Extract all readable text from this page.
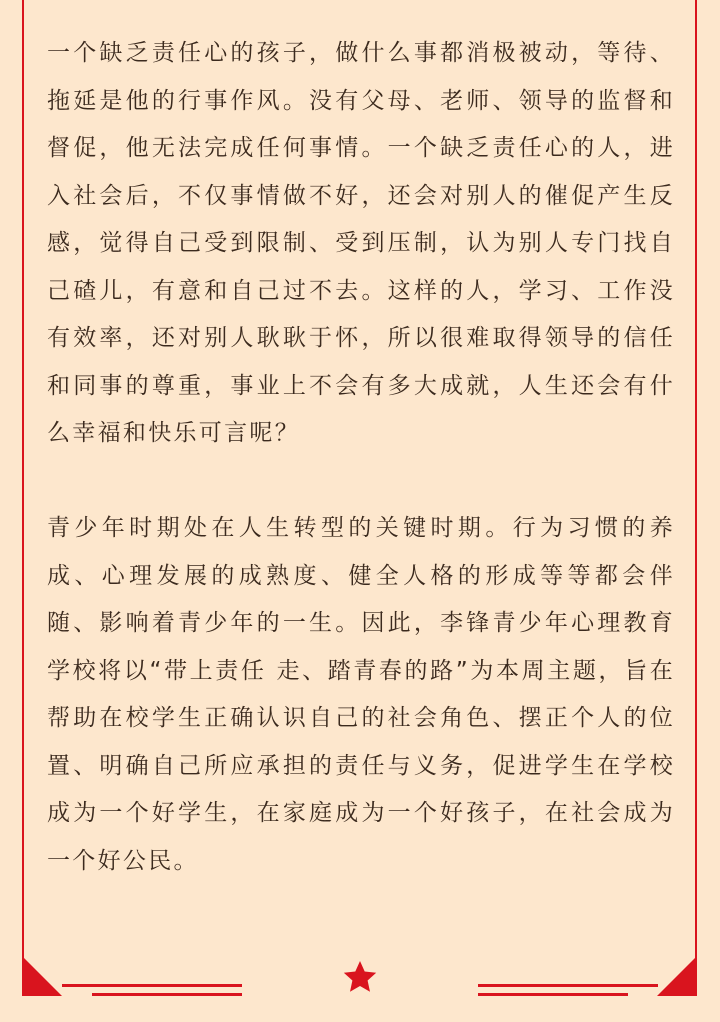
一个缺乏责任心的孩子，做什么事都消极被动，等待、拖延是他的行事作风。没有父母、老师、领导的监督和督促，他无法完成任何事情。一个缺乏责任心的人，进入社会后，不仅事情做不好，还会对别人的催促产生反感，觉得自己受到限制、受到压制，认为别人专门找自己碴儿，有意和自己过不去。这样的人，学习、工作没有效率，还对别人耿耿于怀，所以很难取得领导的信任和同事的尊重，事业上不会有多大成就，人生还会有什么幸福和快乐可言呢？

青少年时期处在人生转型的关键时期。行为习惯的养成、心理发展的成熟度、健全人格的形成等等都会伴随、影响着青少年的一生。因此，李锋青少年心理教育学校将以“带上责任 走、踏青春的路”为本周主题，旨在帮助在校学生正确认识自己的社会角色、摆正个人的位置、明确自己所应承担的责任与义务，促进学生在学校成为一个好学生，在家庭成为一个好孩子，在社会成为一个好公民。
